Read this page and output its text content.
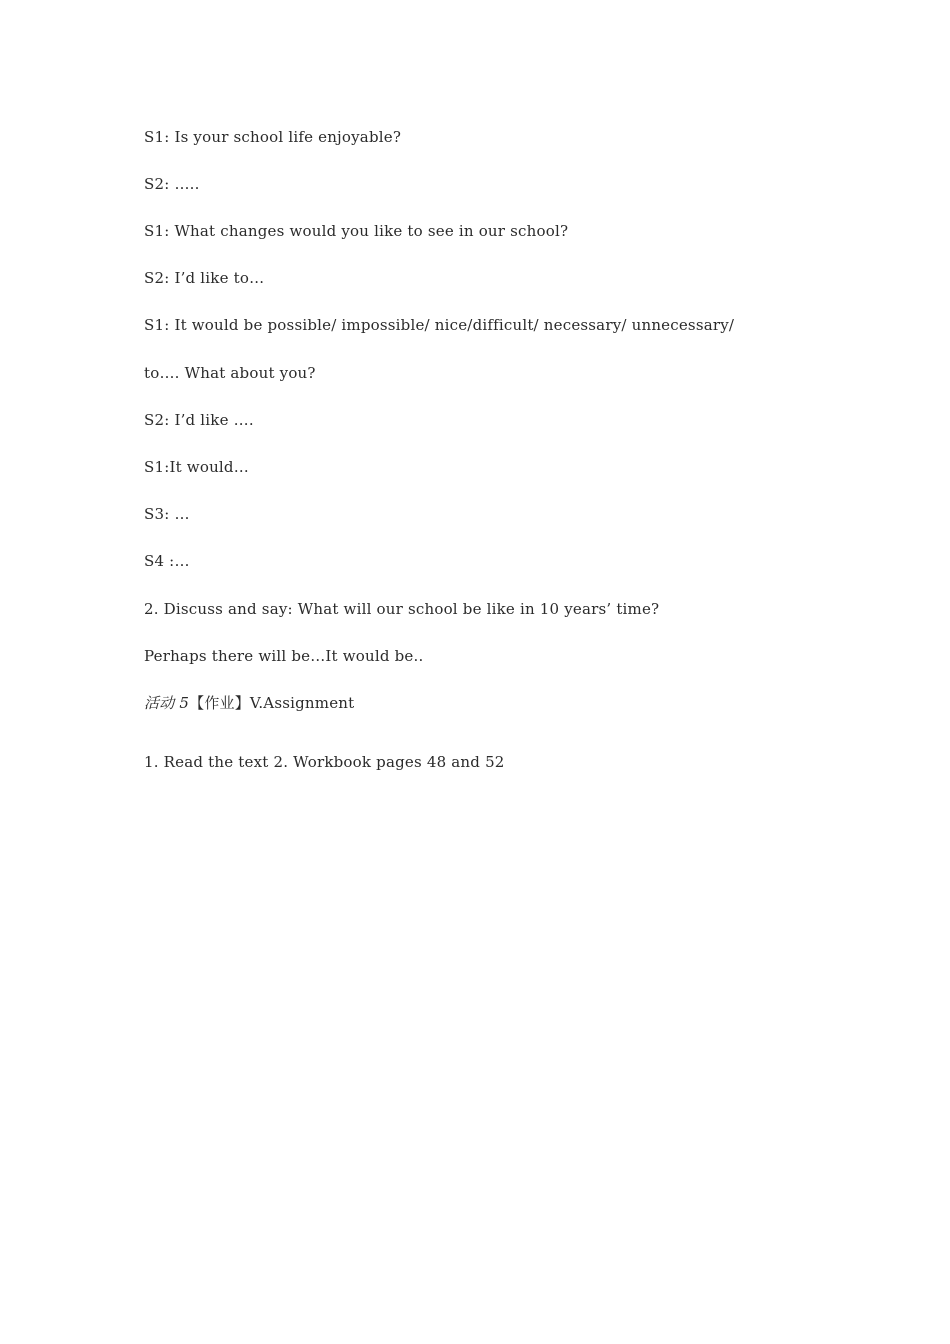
S1: Is your school life enjoyable?
S2: …..
S1: What changes would you like to see in our school?
S2: I’d like to…
S1: It would be possible/ impossible/ nice/difficult/ necessary/ unnecessary/
to…. What about you?
S2: I’d like ….
S1:It would…
S3: …
S4 :…
2. Discuss and say: What will our school be like in 10 years’ time?
Perhaps there will be…It would be..
活动 5【作业】V.Assignment
1. Read the text 2. Workbook pages 48 and 52
